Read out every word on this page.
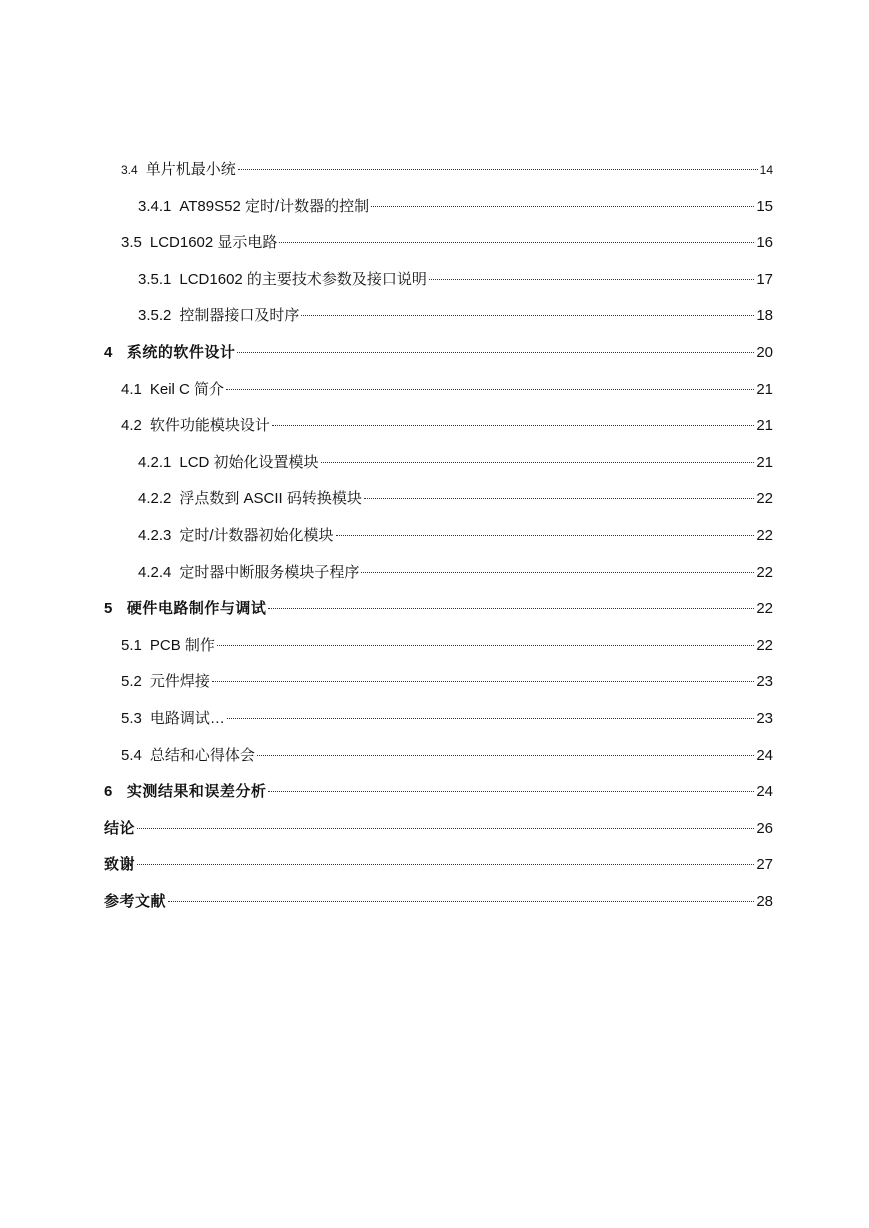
3.4 单片机最小统	14
3.4.1 AT89S52 定时/计数器的控制	15
3.5 LCD1602 显示电路	16
3.5.1 LCD1602 的主要技术参数及接口说明	17
3.5.2 控制器接口及时序	18
4 系统的软件设计	20
4.1 Keil C 简介	21
4.2 软件功能模块设计	21
4.2.1 LCD 初始化设置模块	21
4.2.2 浮点数到 ASCII 码转换模块	22
4.2.3 定时/计数器初始化模块	22
4.2.4 定时器中断服务模块子程序	22
5 硬件电路制作与调试	22
5.1 PCB 制作	22
5.2 元件焊接	23
5.3 电路调试…	23
5.4 总结和心得体会	24
6 实测结果和误差分析	24
结论	26
致谢	27
参考文献	28
